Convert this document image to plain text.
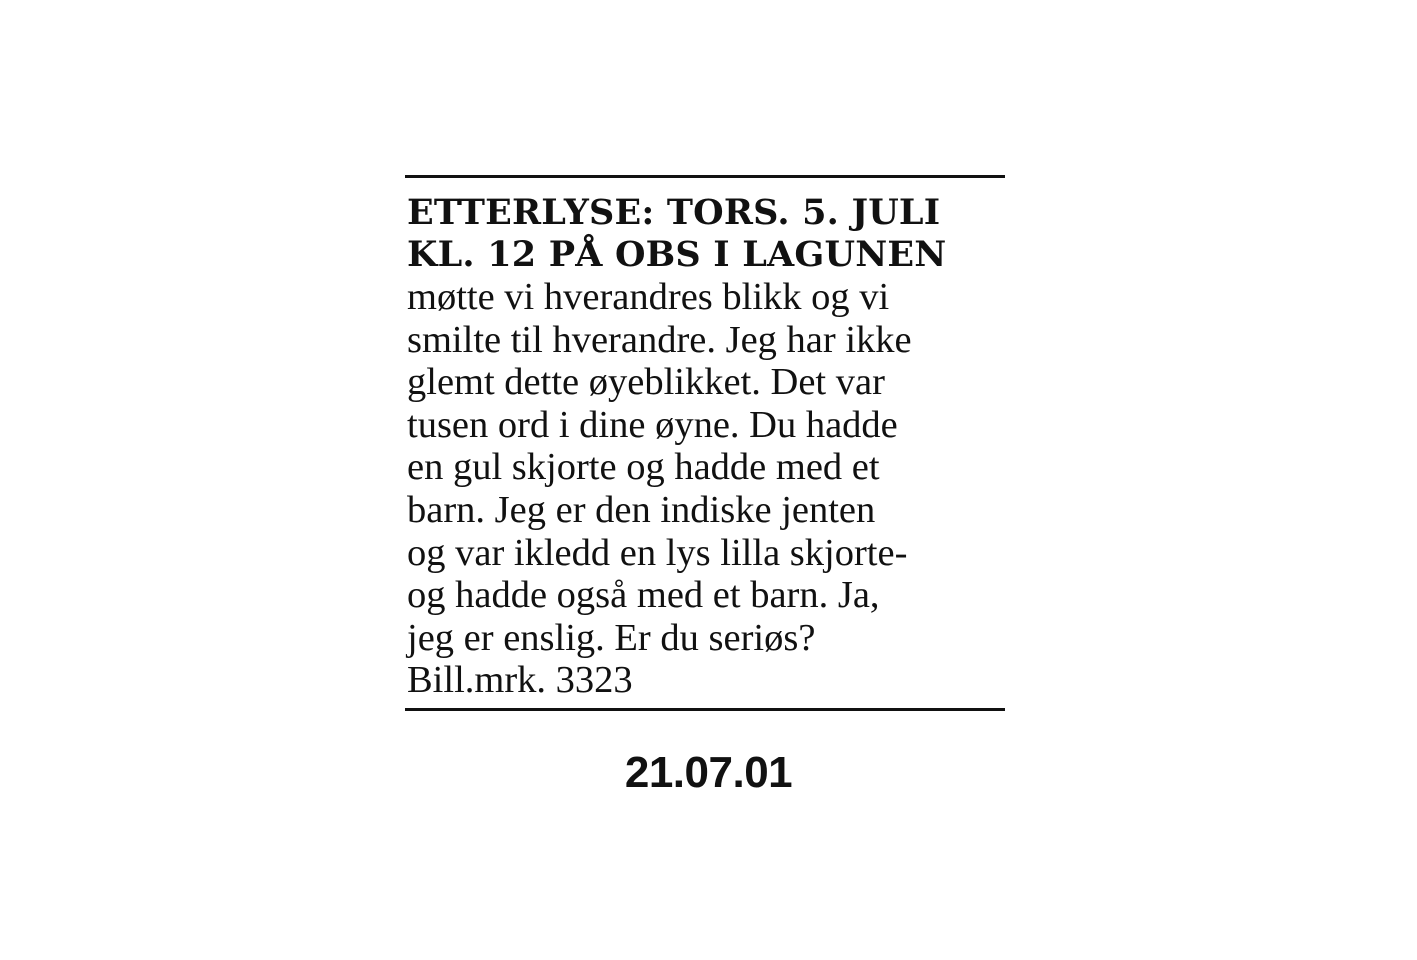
ETTERLYSE: TORS. 5. JULI
KL. 12 PÅ OBS I LAGUNEN
møtte vi hverandres blikk og vi
smilte til hverandre. Jeg har ikke
glemt dette øyeblikket. Det var
tusen ord i dine øyne. Du hadde
en gul skjorte og hadde med et
barn. Jeg er den indiske jenten
og var ikledd en lys lilla skjorte-
og hadde også med et barn. Ja,
jeg er enslig. Er du seriøs?
Bill.mrk. 3323
21.07.01
